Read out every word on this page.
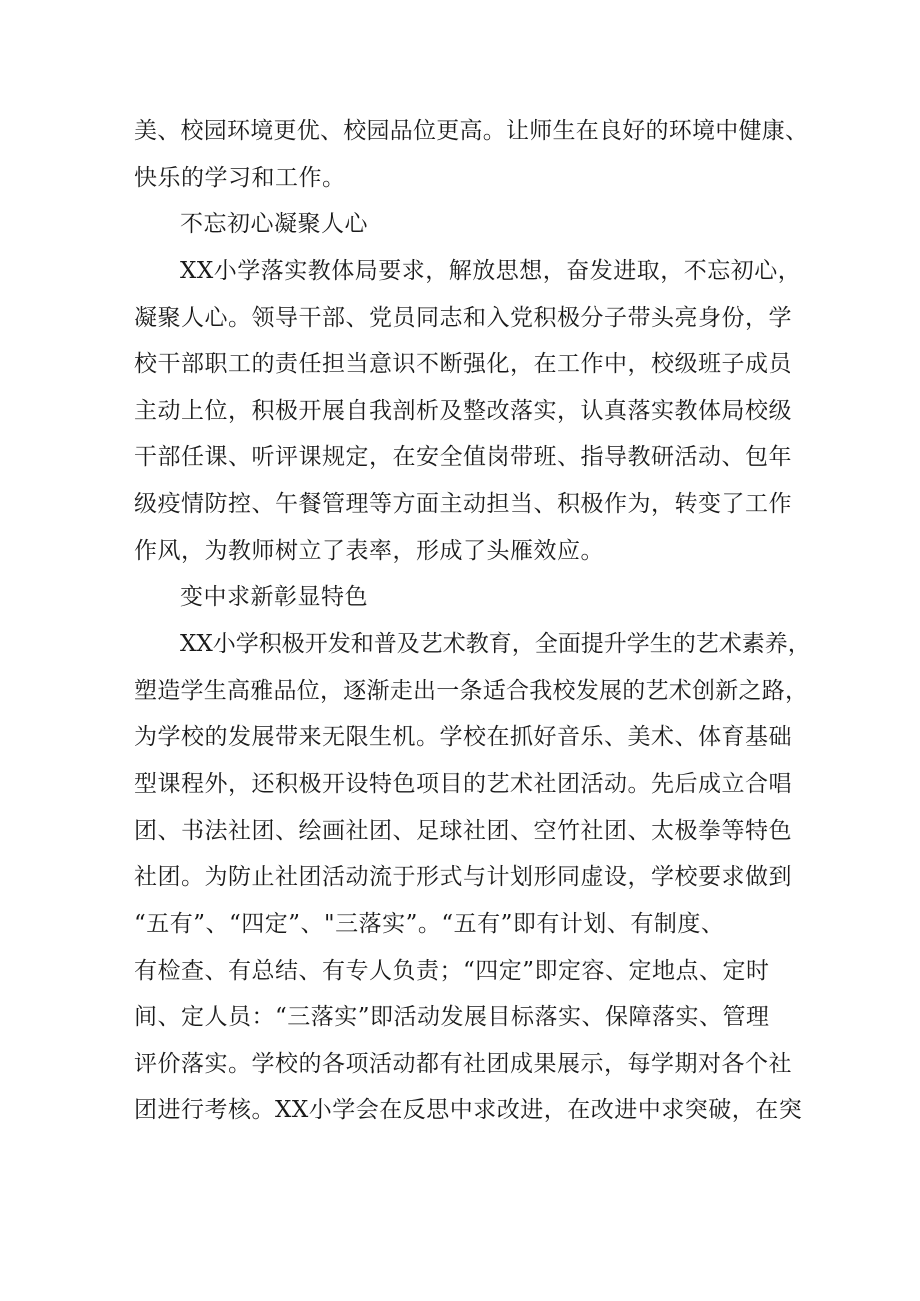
美、校园环境更优、校园品位更高。让师生在良好的环境中健康、
快乐的学习和工作。
不忘初心凝聚人心
XX小学落实教体局要求，解放思想，奋发进取，不忘初心，
凝聚人心。领导干部、党员同志和入党积极分子带头亮身份，学
校干部职工的责任担当意识不断强化，在工作中，校级班子成员
主动上位，积极开展自我剖析及整改落实，认真落实教体局校级
干部任课、听评课规定，在安全值岗带班、指导教研活动、包年
级疫情防控、午餐管理等方面主动担当、积极作为，转变了工作
作风，为教师树立了表率，形成了头雁效应。
变中求新彰显特色
XX小学积极开发和普及艺术教育，全面提升学生的艺术素养，
塑造学生高雅品位，逐渐走出一条适合我校发展的艺术创新之路，
为学校的发展带来无限生机。学校在抓好音乐、美术、体育基础
型课程外，还积极开设特色项目的艺术社团活动。先后成立合唱
团、书法社团、绘画社团、足球社团、空竹社团、太极拳等特色
社团。为防止社团活动流于形式与计划形同虚设，学校要求做到
“五有”、“四定”、"三落实”。“五有”即有计划、有制度、
有检查、有总结、有专人负责；“四定”即定容、定地点、定时
间、定人员：“三落实”即活动发展目标落实、保障落实、管理
评价落实。学校的各项活动都有社团成果展示，每学期对各个社
团进行考核。XX小学会在反思中求改进，在改进中求突破，在突
